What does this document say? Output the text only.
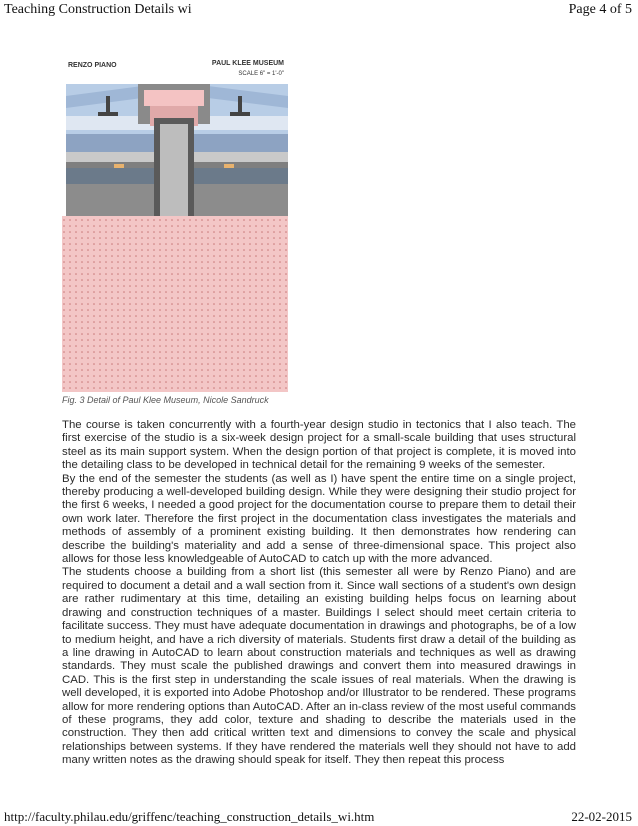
Teaching Construction Details wi	Page 4 of 5
RENZO PIANO	PAUL KLEE MUSEUM
SCALE 6" = 1'-0"
Fig. 3 Detail of Paul Klee Museum, Nicole Sandruck

The course is taken concurrently with a fourth-year design studio in tectonics that I also teach. The first exercise of the studio is a six-week design project for a small-scale building that uses structural steel as its main support system. When the design portion of that project is complete, it is moved into the detailing class to be developed in technical detail for the remaining 9 weeks of the semester.

By the end of the semester the students (as well as I) have spent the entire time on a single project, thereby producing a well-developed building design. While they were designing their studio project for the first 6 weeks, I needed a good project for the documentation course to prepare them to detail their own work later. Therefore the first project in the documentation class investigates the materials and methods of assembly of a prominent existing building. It then demonstrates how rendering can describe the building's materiality and add a sense of three-dimensional space. This project also allows for those less knowledgeable of AutoCAD to catch up with the more advanced.

The students choose a building from a short list (this semester all were by Renzo Piano) and are required to document a detail and a wall section from it. Since wall sections of a student's own design are rather rudimentary at this time, detailing an existing building helps focus on learning about drawing and construction techniques of a master. Buildings I select should meet certain criteria to facilitate success. They must have adequate documentation in drawings and photographs, be of a low to medium height, and have a rich diversity of materials. Students first draw a detail of the building as a line drawing in AutoCAD to learn about construction materials and techniques as well as drawing standards. They must scale the published drawings and convert them into measured drawings in CAD. This is the first step in understanding the scale issues of real materials. When the drawing is well developed, it is exported into Adobe Photoshop and/or Illustrator to be rendered. These programs allow for more rendering options than AutoCAD. After an in-class review of the most useful commands of these programs, they add color, texture and shading to describe the materials used in the construction. They then add critical written text and dimensions to convey the scale and physical relationships between systems. If they have rendered the materials well they should not have to add many written notes as the drawing should speak for itself. They then repeat this process

http://faculty.philau.edu/griffenc/teaching_construction_details_wi.htm	22-02-2015
